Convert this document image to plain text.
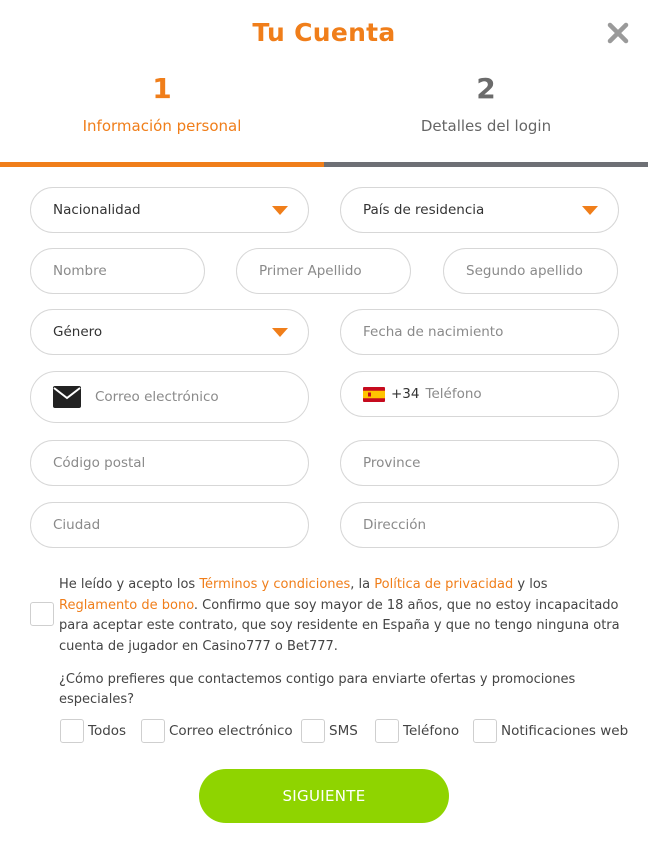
Tu Cuenta
1
Información personal
2
Detalles del login
Nacionalidad	País de residencia
Nombre	Primer Apellido	Segundo apellido
Género	Fecha de nacimiento
Correo electrónico	+34 Teléfono
Código postal	Province
Ciudad	Dirección
He leído y acepto los Términos y condiciones, la Política de privacidad y los Reglamento de bono. Confirmo que soy mayor de 18 años, que no estoy incapacitado para aceptar este contrato, que soy residente en España y que no tengo ninguna otra cuenta de jugador en Casino777 o Bet777.
¿Cómo prefieres que contactemos contigo para enviarte ofertas y promociones especiales?
Todos	Correo electrónico	SMS	Teléfono	Notificaciones web
SIGUIENTE
